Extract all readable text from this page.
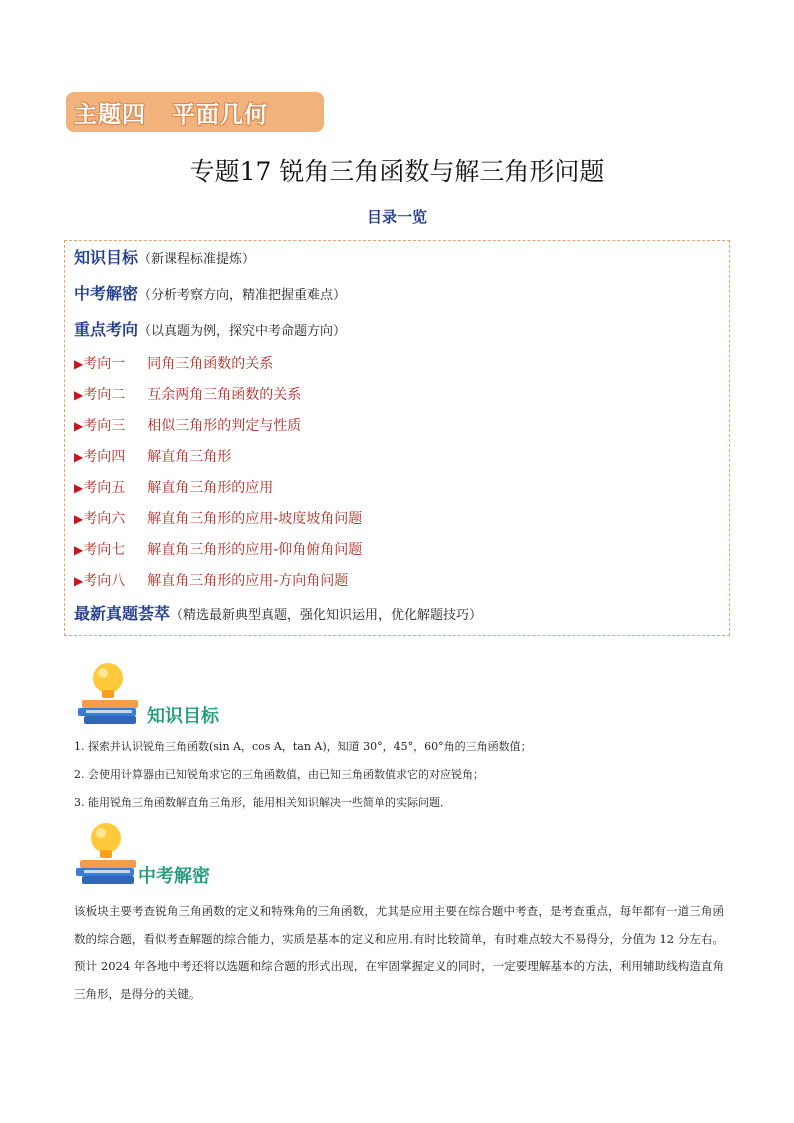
主题四 平面几何
专题17 锐角三角函数与解三角形问题
目录一览
知识目标（新课程标准提炼）
中考解密（分析考察方向，精准把握重难点）
重点考向（以真题为例，探究中考命题方向）
▶考向一 同角三角函数的关系
▶考向二 互余两角三角函数的关系
▶考向三 相似三角形的判定与性质
▶考向四 解直角三角形
▶考向五 解直角三角形的应用
▶考向六 解直角三角形的应用-坡度坡角问题
▶考向七 解直角三角形的应用-仰角俯角问题
▶考向八 解直角三角形的应用-方向角问题
最新真题荟萃（精选最新典型真题，强化知识运用，优化解题技巧）
知识目标
1. 探索并认识锐角三角函数(sin A，cos A，tan A)，知道 30°，45°，60°角的三角函数值；
2. 会使用计算器由已知锐角求它的三角函数值，由已知三角函数值求它的对应锐角；
3. 能用锐角三角函数解直角三角形，能用相关知识解决一些简单的实际问题．
中考解密
该板块主要考查锐角三角函数的定义和特殊角的三角函数，尤其是应用主要在综合题中考查，是考查重点，每年都有一道三角函数的综合题，看似考查解题的综合能力，实质是基本的定义和应用.有时比较简单，有时难点较大不易得分，分值为 12 分左右。预计 2024 年各地中考还将以选题和综合题的形式出现，在牢固掌握定义的同时，一定要理解基本的方法，利用辅助线构造直角三角形，是得分的关键。
